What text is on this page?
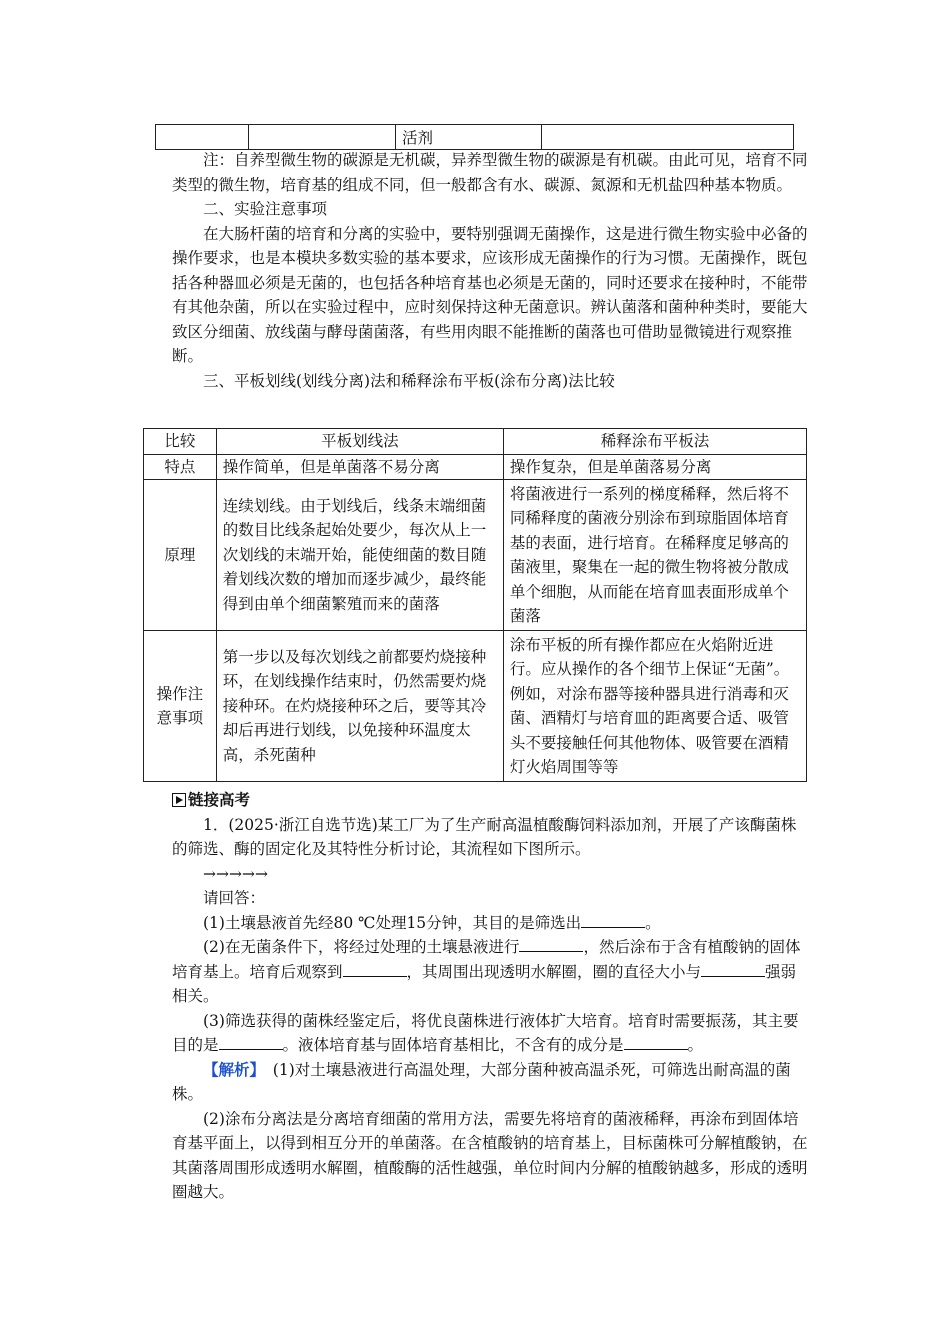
		活剂	

注：自养型微生物的碳源是无机碳，异养型微生物的碳源是有机碳。由此可见，培育不同类型的微生物，培育基的组成不同，但一般都含有水、碳源、氮源和无机盐四种基本物质。

二、实验注意事项

在大肠杆菌的培育和分离的实验中，要特别强调无菌操作，这是进行微生物实验中必备的操作要求，也是本模块多数实验的基本要求，应该形成无菌操作的行为习惯。无菌操作，既包括各种器皿必须是无菌的，也包括各种培育基也必须是无菌的，同时还要求在接种时，不能带有其他杂菌，所以在实验过程中，应时刻保持这种无菌意识。辨认菌落和菌种种类时，要能大致区分细菌、放线菌与酵母菌菌落，有些用肉眼不能推断的菌落也可借助显微镜进行观察推断。

三、平板划线(划线分离)法和稀释涂布平板(涂布分离)法比较

比较	平板划线法	稀释涂布平板法
特点	操作简单，但是单菌落不易分离	操作复杂，但是单菌落易分离
原理	连续划线。由于划线后，线条末端细菌的数目比线条起始处要少，每次从上一次划线的末端开始，能使细菌的数目随着划线次数的增加而逐步减少，最终能得到由单个细菌繁殖而来的菌落	将菌液进行一系列的梯度稀释，然后将不同稀释度的菌液分别涂布到琼脂固体培育基的表面，进行培育。在稀释度足够高的菌液里，聚集在一起的微生物将被分散成单个细胞，从而能在培育皿表面形成单个菌落
操作注意事项	第一步以及每次划线之前都要灼烧接种环，在划线操作结束时，仍然需要灼烧接种环。在灼烧接种环之后，要等其冷却后再进行划线，以免接种环温度太高，杀死菌种	涂布平板的所有操作都应在火焰附近进行。应从操作的各个细节上保证“无菌”。例如，对涂布器等接种器具进行消毒和灭菌、酒精灯与培育皿的距离要合适、吸管头不要接触任何其他物体、吸管要在酒精灯火焰周围等等

链接高考

1．(2025·浙江自选节选)某工厂为了生产耐高温植酸酶饲料添加剂，开展了产该酶菌株的筛选、酶的固定化及其特性分析讨论，其流程如下图所示。

→→→→→

请回答：

(1)土壤悬液首先经80 ℃处理15分钟，其目的是筛选出	。

(2)在无菌条件下，将经过处理的土壤悬液进行	，然后涂布于含有植酸钠的固体培育基上。培育后观察到	，其周围出现透明水解圈，圈的直径大小与	强弱相关。

(3)筛选获得的菌株经鉴定后，将优良菌株进行液体扩大培育。培育时需要振荡，其主要目的是	。液体培育基与固体培育基相比，不含有的成分是	。

【解析】　 (1)对土壤悬液进行高温处理，大部分菌种被高温杀死，可筛选出耐高温的菌株。

(2)涂布分离法是分离培育细菌的常用方法，需要先将培育的菌液稀释，再涂布到固体培育基平面上，以得到相互分开的单菌落。在含植酸钠的培育基上，目标菌株可分解植酸钠，在其菌落周围形成透明水解圈，植酸酶的活性越强，单位时间内分解的植酸钠越多，形成的透明圈越大。
